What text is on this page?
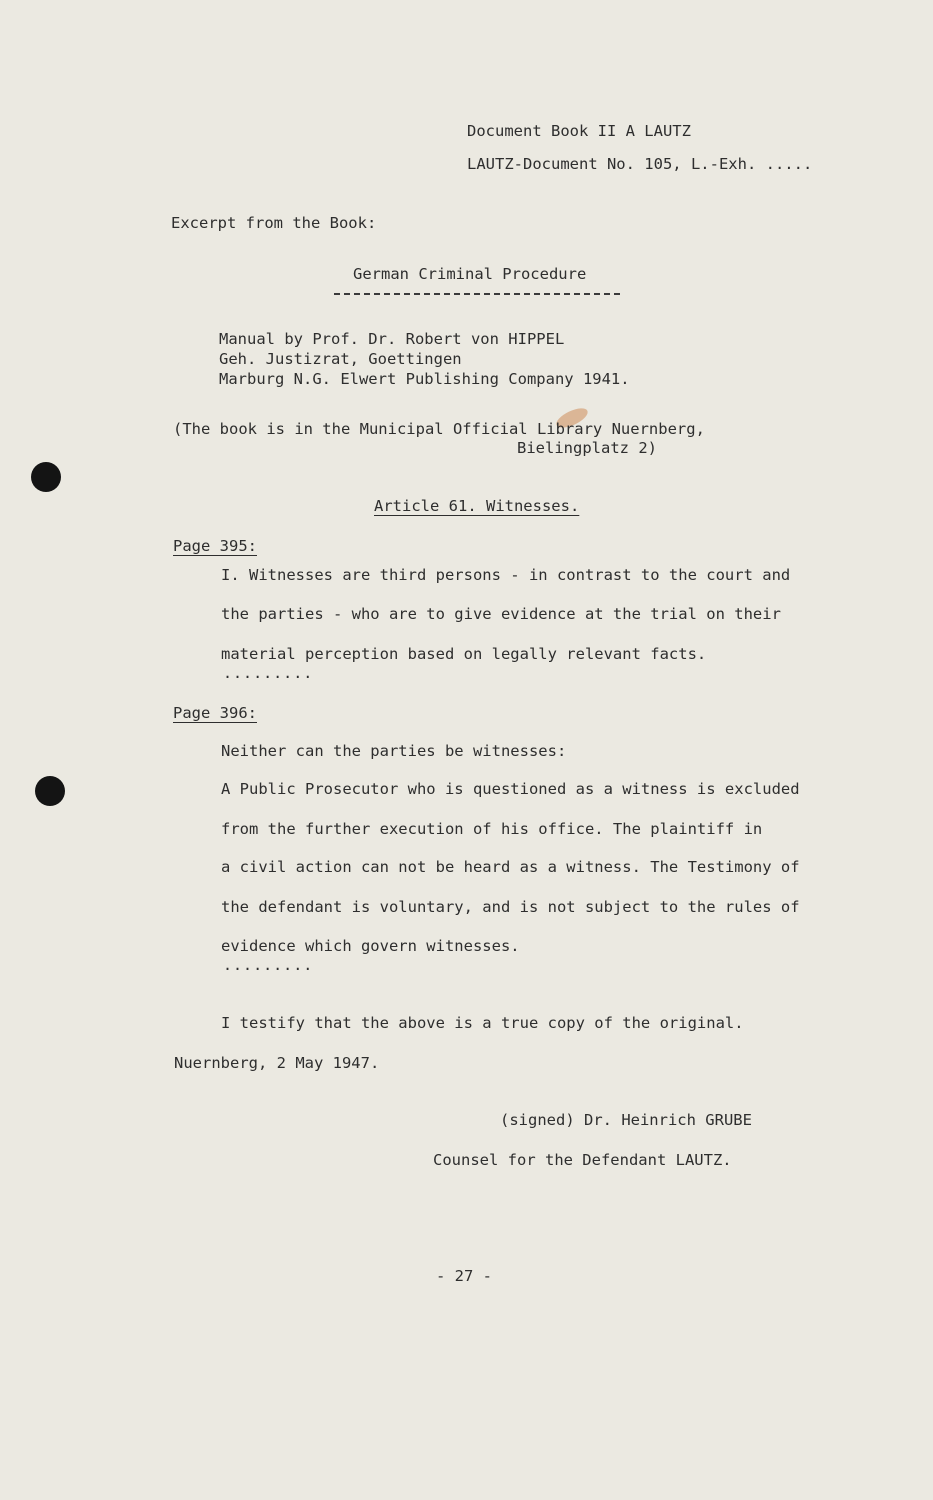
Document Book II A LAUTZ
LAUTZ-Document No. 105, L.-Exh. .....
Excerpt from the Book:
German Criminal Procedure
Manual by Prof. Dr. Robert von HIPPEL
Geh. Justizrat, Goettingen
Marburg N.G. Elwert Publishing Company 1941.
(The book is in the Municipal Official Library Nuernberg,
Bielingplatz 2)
Article 61. Witnesses.
Page 395:
I. Witnesses are third persons - in contrast to the court and
the parties - who are to give evidence at the trial on their
material perception based on legally relevant facts.
.........
Page 396:
Neither can the parties be witnesses:
A Public Prosecutor who is questioned as a witness is excluded
from the further execution of his office. The plaintiff in
a civil action can not be heard as a witness. The Testimony of
the defendant is voluntary, and is not subject to the rules of
evidence which govern witnesses.
.........
I testify that the above is a true copy of the original.
Nuernberg, 2 May 1947.
(signed) Dr. Heinrich GRUBE
Counsel for the Defendant LAUTZ.
- 27 -
